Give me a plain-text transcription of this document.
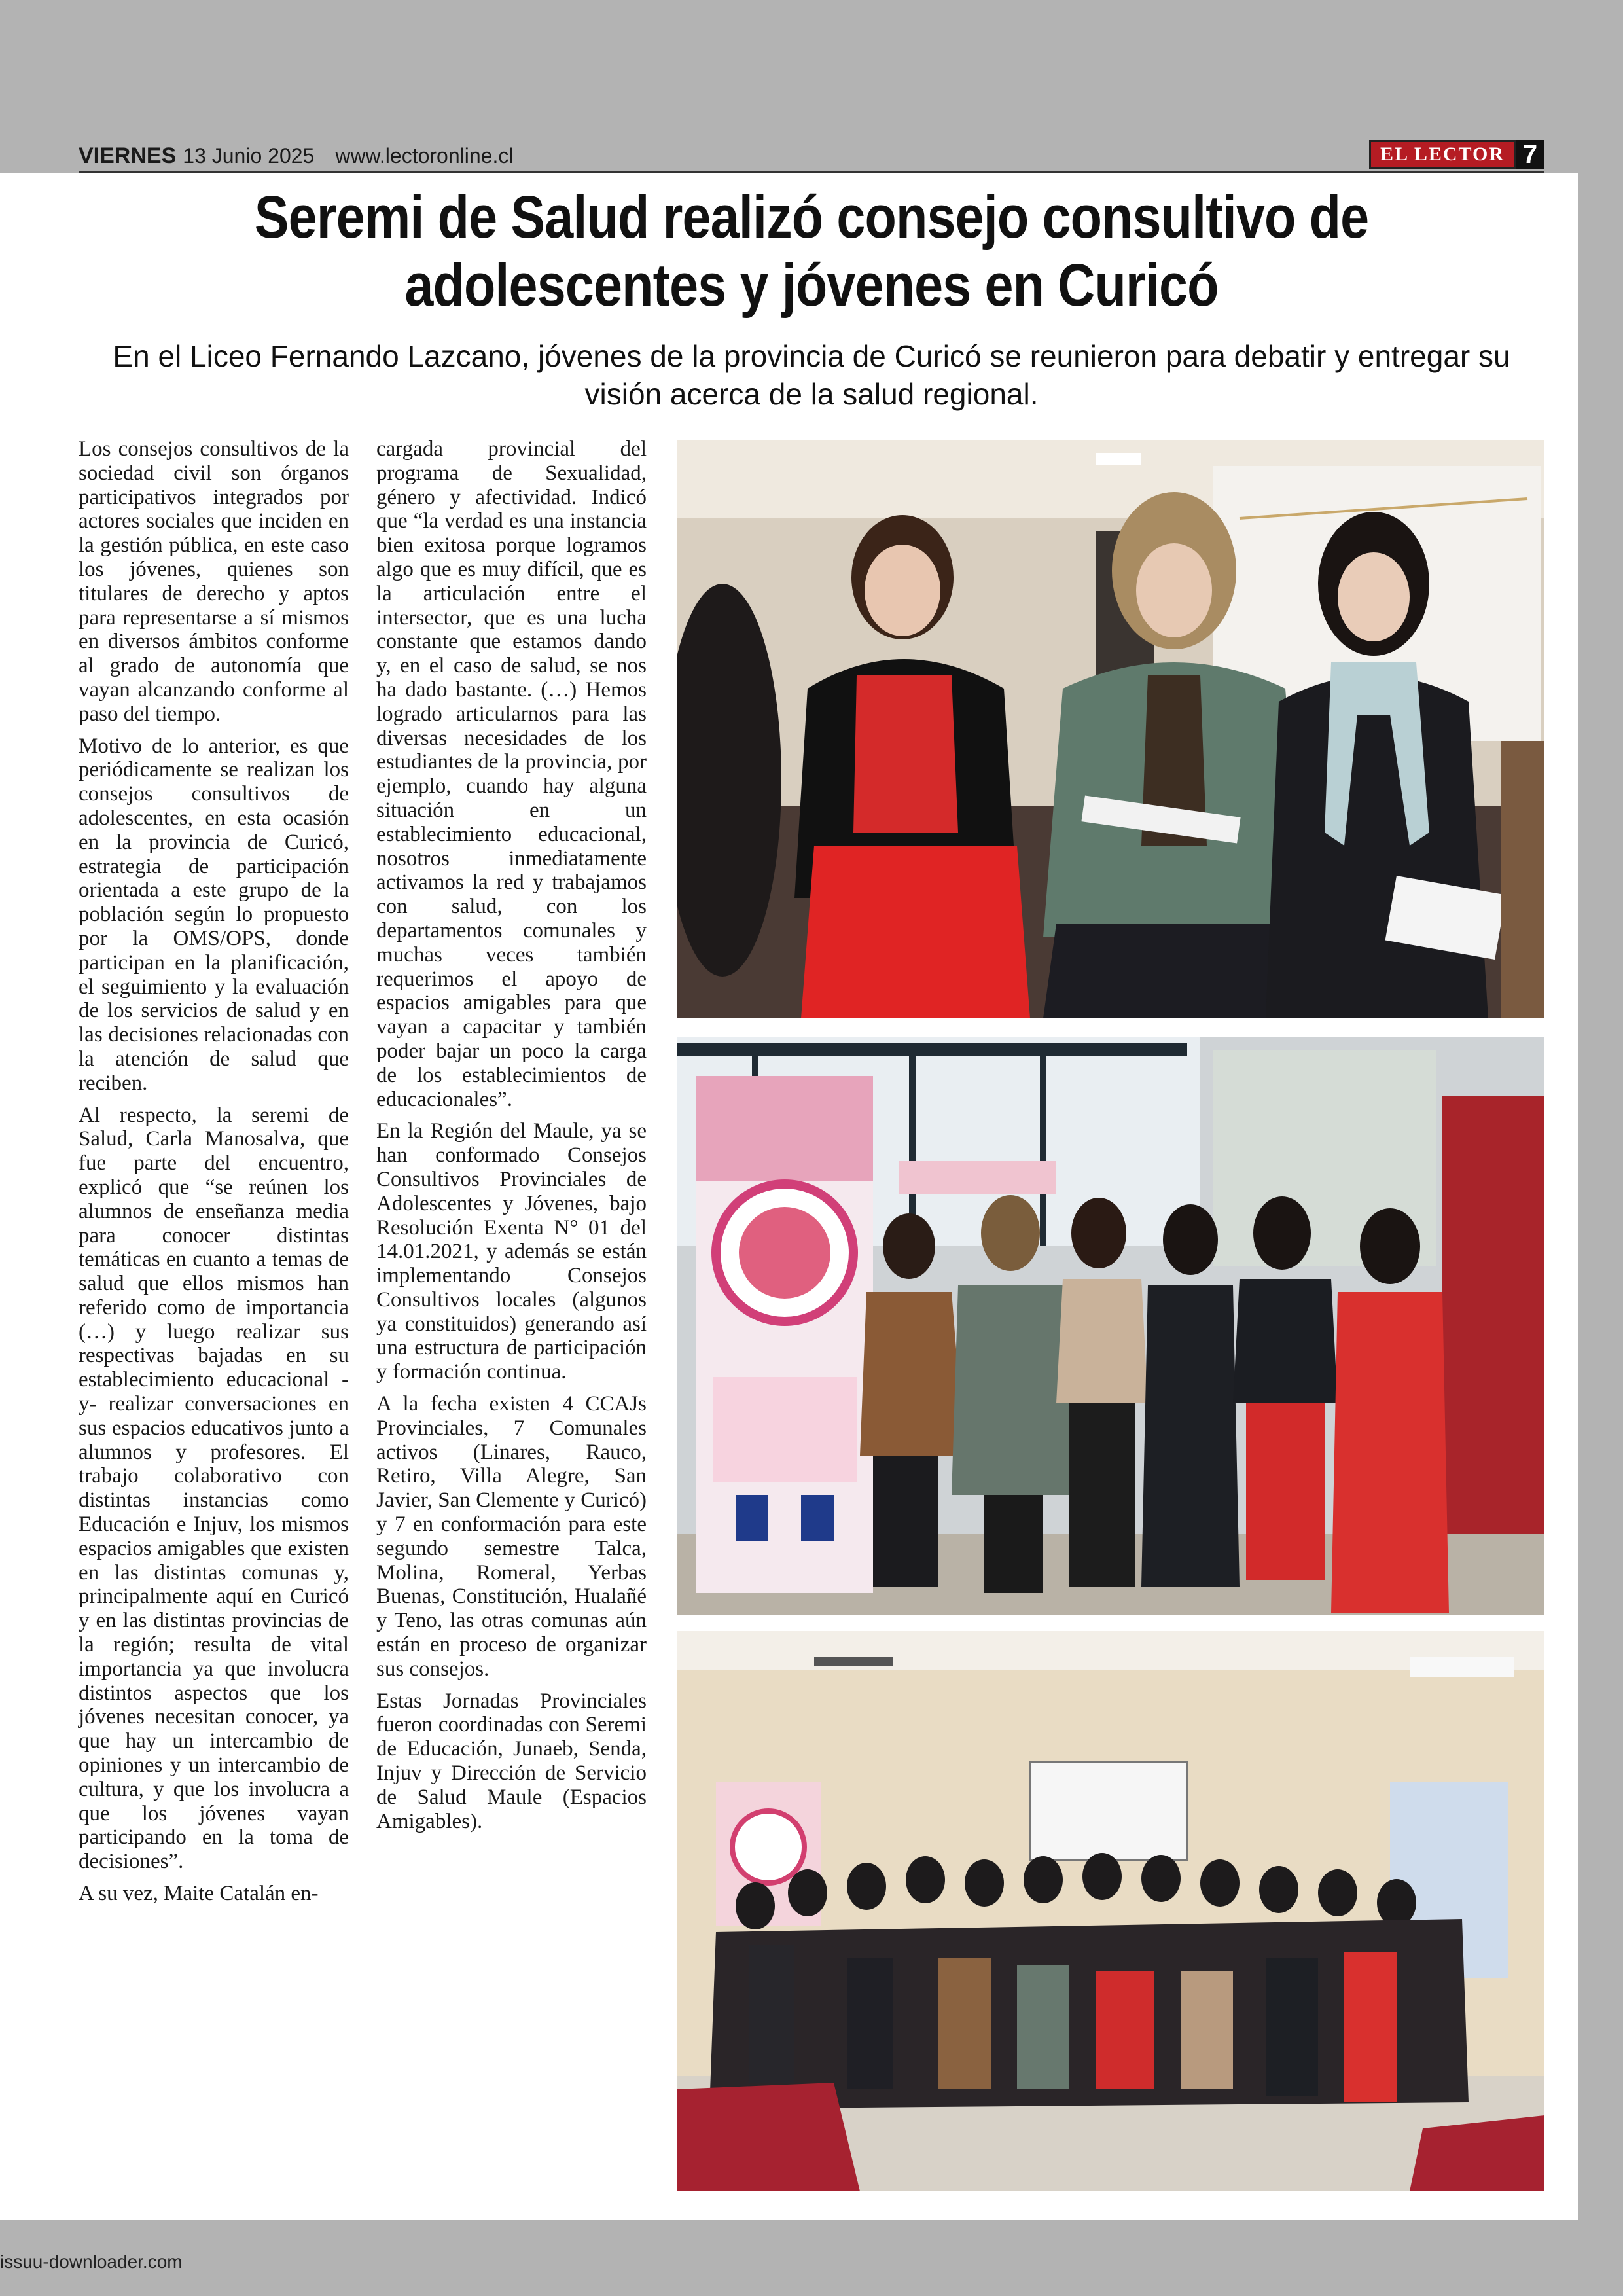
VIERNES 13 Junio 2025 www.lectoronline.cl	EL LECTOR 7
Seremi de Salud realizó consejo consultivo de
adolescentes y jóvenes en Curicó
En el Liceo Fernando Lazcano, jóvenes de la provincia de Curicó se reunieron para debatir y entregar su visión acerca de la salud regional.

Los consejos consultivos de la sociedad civil son órganos participativos integrados por actores sociales que inciden en la gestión pública, en este caso los jóvenes, quienes son titulares de derecho y aptos para representarse a sí mismos en diversos ámbitos conforme al grado de autonomía que vayan alcanzando conforme al paso del tiempo.

Motivo de lo anterior, es que periódicamente se realizan los consejos consultivos de adolescentes, en esta ocasión en la provincia de Curicó, estrategia de participación orientada a este grupo de la población según lo propuesto por la OMS/OPS, donde participan en la planificación, el seguimiento y la evaluación de los servicios de salud y en las decisiones relacionadas con la atención de salud que reciben.

Al respecto, la seremi de Salud, Carla Manosalva, que fue parte del encuentro, explicó que “se reúnen los alumnos de enseñanza media para conocer distintas temáticas en cuanto a temas de salud que ellos mismos han referido como de importancia (…) y luego realizar sus respectivas bajadas en su establecimiento educacional -y- realizar conversaciones en sus espacios educativos junto a alumnos y profesores. El trabajo colaborativo con distintas instancias como Educación e Injuv, los mismos espacios amigables que existen en las distintas comunas y, principalmente aquí en Curicó y en las distintas provincias de la región; resulta de vital importancia ya que involucra distintos aspectos que los jóvenes necesitan conocer, ya que hay un intercambio de opiniones y un intercambio de cultura, y que los involucra a que los jóvenes vayan participando en la toma de decisiones”.

A su vez, Maite Catalán en-

cargada provincial del programa de Sexualidad, género y afectividad. Indicó que “la verdad es una instancia bien exitosa porque logramos algo que es muy difícil, que es la articulación entre el intersector, que es una lucha constante que estamos dando y, en el caso de salud, se nos ha dado bastante. (…) Hemos logrado articularnos para las diversas necesidades de los estudiantes de la provincia, por ejemplo, cuando hay alguna situación en un establecimiento educacional, nosotros inmediatamente activamos la red y trabajamos con salud, con los departamentos comunales y muchas veces también requerimos el apoyo de espacios amigables para que vayan a capacitar y también poder bajar un poco la carga de los establecimientos de educacionales”.

En la Región del Maule, ya se han conformado Consejos Consultivos Provinciales de Adolescentes y Jóvenes, bajo Resolución Exenta N° 01 del 14.01.2021, y además se están implementando Consejos Consultivos locales (algunos ya constituidos) generando así una estructura de participación y formación continua.

A la fecha existen 4 CCAJs Provinciales, 7 Comunales activos (Linares, Rauco, Retiro, Villa Alegre, San Javier, San Clemente y Curicó) y 7 en conformación para este segundo semestre Talca, Molina, Romeral, Yerbas Buenas, Constitución, Hualañé y Teno, las otras comunas aún están en proceso de organizar sus consejos.

Estas Jornadas Provinciales fueron coordinadas con Seremi de Educación, Junaeb, Senda, Injuv y Dirección de Servicio de Salud Maule (Espacios Amigables).

issuu-downloader.com
